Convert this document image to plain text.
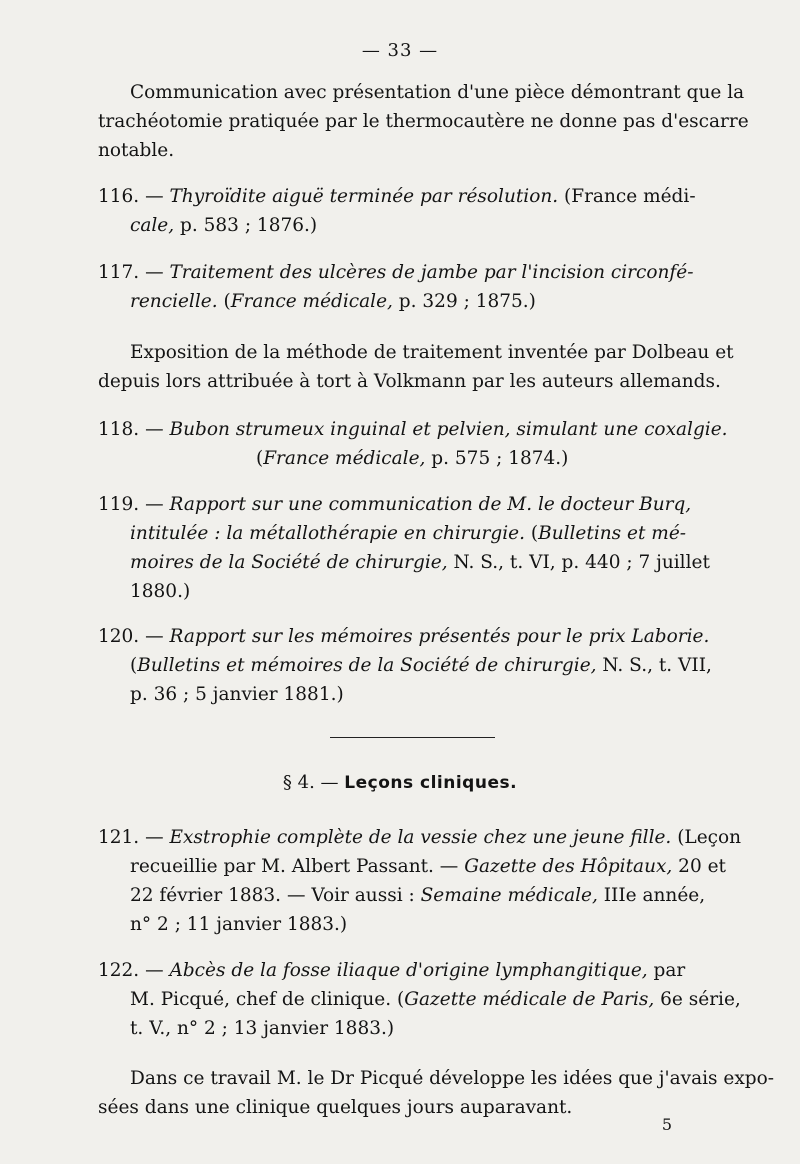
— 33 —
Communication avec présentation d'une pièce démontrant que la
trachéotomie pratiquée par le thermocautère ne donne pas d'escarre
notable.
116. — Thyroïdite aiguë terminée par résolution. (France médi-
cale, p. 583 ; 1876.)
117. — Traitement des ulcères de jambe par l'incision circonfé-
rencielle. (France médicale, p. 329 ; 1875.)
Exposition de la méthode de traitement inventée par Dolbeau et
depuis lors attribuée à tort à Volkmann par les auteurs allemands.
118. — Bubon strumeux inguinal et pelvien, simulant une coxalgie.
(France médicale, p. 575 ; 1874.)
119. — Rapport sur une communication de M. le docteur Burq,
intitulée : la métallothérapie en chirurgie. (Bulletins et mé-
moires de la Société de chirurgie, N. S., t. VI, p. 440 ; 7 juillet
1880.)
120. — Rapport sur les mémoires présentés pour le prix Laborie.
(Bulletins et mémoires de la Société de chirurgie, N. S., t. VII,
p. 36 ; 5 janvier 1881.)
§ 4. — Leçons cliniques.
121. — Exstrophie complète de la vessie chez une jeune fille. (Leçon
recueillie par M. Albert Passant. — Gazette des Hôpitaux, 20 et
22 février 1883. — Voir aussi : Semaine médicale, IIIe année,
n° 2 ; 11 janvier 1883.)
122. — Abcès de la fosse iliaque d'origine lymphangitique, par
M. Picqué, chef de clinique. (Gazette médicale de Paris, 6e série,
t. V., n° 2 ; 13 janvier 1883.)
Dans ce travail M. le Dr Picqué développe les idées que j'avais expo-
sées dans une clinique quelques jours auparavant.
5
